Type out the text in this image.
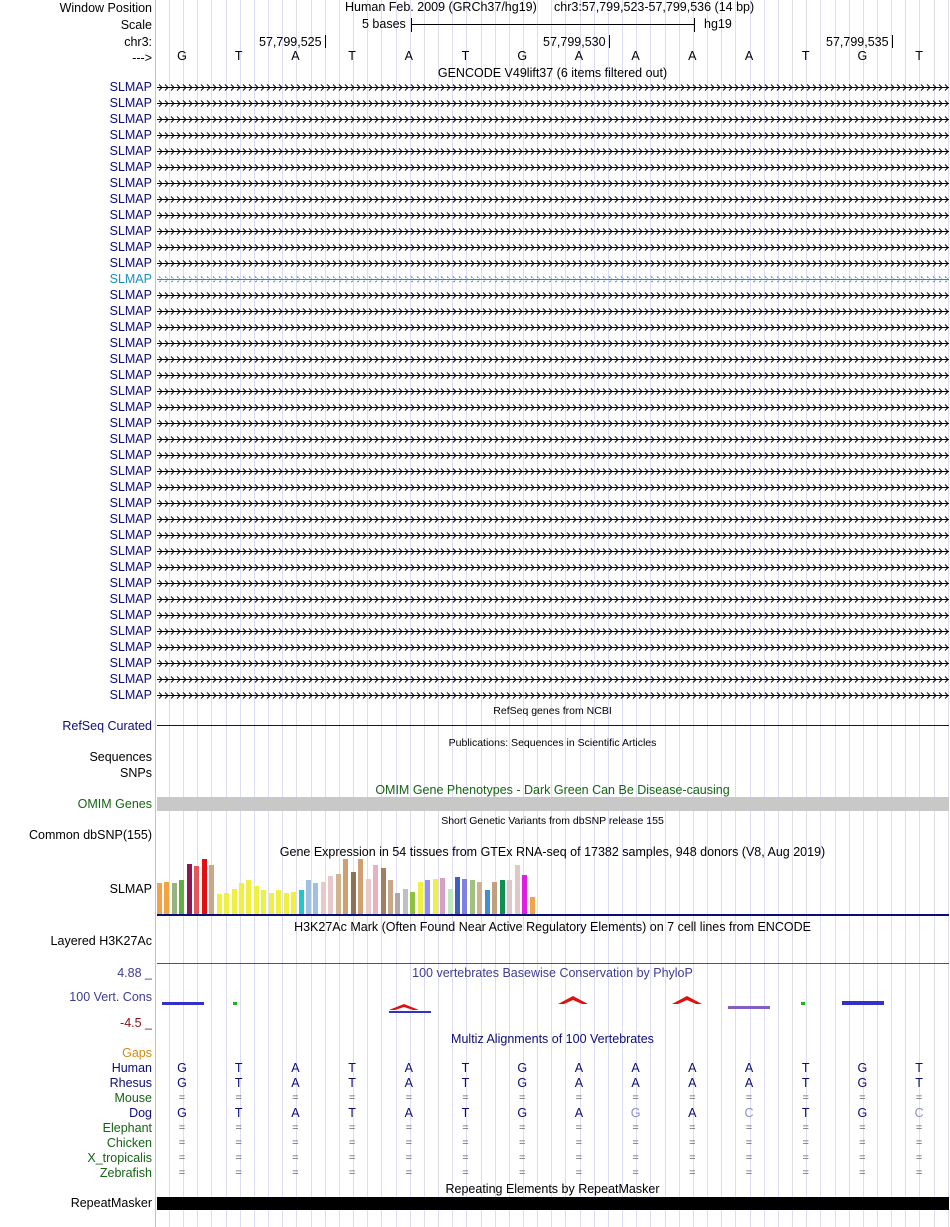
Window Position
Scale
chr3:
--->
Human Feb. 2009 (GRCh37/hg19) chr3:57,799,523-57,799,536 (14 bp)
5 bases	hg19
57,799,525	57,799,530	57,799,535
G	T	A	T	A	T	G	A	A	A	A	T	G	T
GENCODE V49lift37 (6 items filtered out)
SLMAP
SLMAP
SLMAP
SLMAP
SLMAP
SLMAP
SLMAP
SLMAP
SLMAP
SLMAP
SLMAP
SLMAP
SLMAP
SLMAP
SLMAP
SLMAP
SLMAP
SLMAP
SLMAP
SLMAP
SLMAP
SLMAP
SLMAP
SLMAP
SLMAP
SLMAP
SLMAP
SLMAP
SLMAP
SLMAP
SLMAP
SLMAP
SLMAP
SLMAP
SLMAP
SLMAP
SLMAP
SLMAP
SLMAP
RefSeq genes from NCBI
RefSeq Curated
Publications: Sequences in Scientific Articles
Sequences
SNPs
OMIM Gene Phenotypes - Dark Green Can Be Disease-causing
OMIM Genes
Short Genetic Variants from dbSNP release 155
Common dbSNP(155)
Gene Expression in 54 tissues from GTEx RNA-seq of 17382 samples, 948 donors (V8, Aug 2019)
SLMAP
H3K27Ac Mark (Often Found Near Active Regulatory Elements) on 7 cell lines from ENCODE
Layered H3K27Ac
100 vertebrates Basewise Conservation by PhyloP
4.88 _
100 Vert. Cons
-4.5 _
Multiz Alignments of 100 Vertebrates
Gaps
Human	G	T	A	T	A	T	G	A	A	A	A	T	G	T
Rhesus	G	T	A	T	A	T	G	A	A	A	A	T	G	T
Mouse	=	=	=	=	=	=	=	=	=	=	=	=	=	=
Dog	G	T	A	T	A	T	G	A	G	A	C	T	G	C
Elephant	=	=	=	=	=	=	=	=	=	=	=	=	=	=
Chicken	=	=	=	=	=	=	=	=	=	=	=	=	=	=
X_tropicalis	=	=	=	=	=	=	=	=	=	=	=	=	=	=
Zebrafish	=	=	=	=	=	=	=	=	=	=	=	=	=	=
Repeating Elements by RepeatMasker
RepeatMasker
